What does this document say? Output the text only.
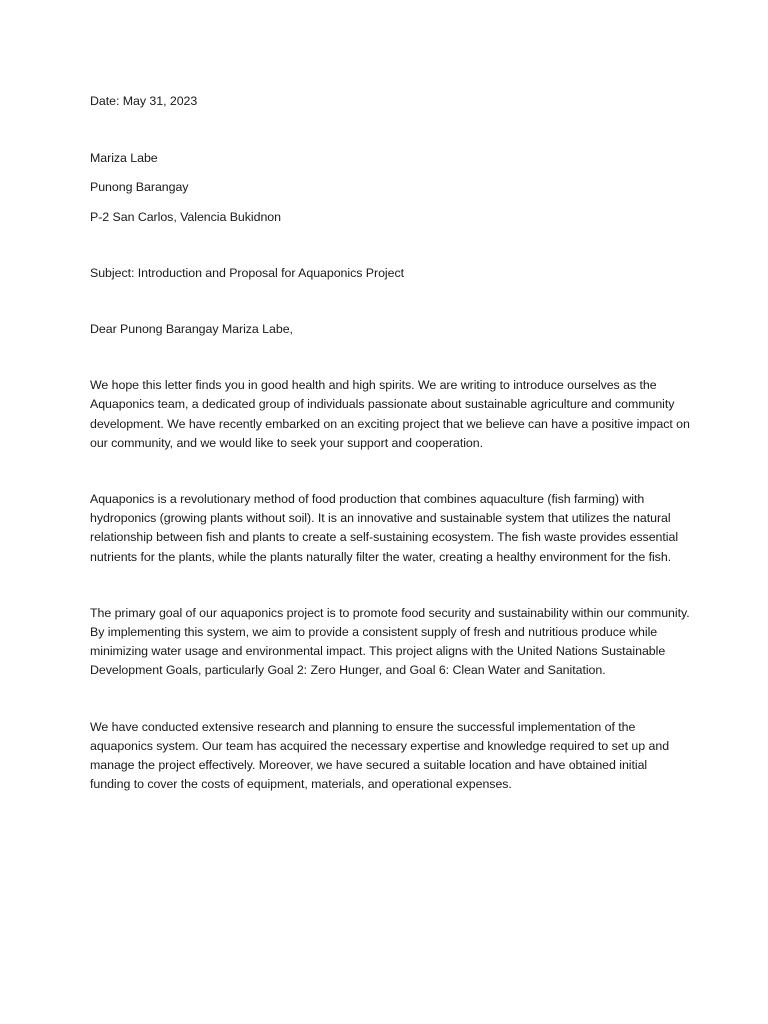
Date: May 31, 2023

Mariza Labe

Punong Barangay

P-2 San Carlos, Valencia Bukidnon

Subject: Introduction and Proposal for Aquaponics Project

Dear Punong Barangay Mariza Labe,

We hope this letter finds you in good health and high spirits. We are writing to introduce ourselves as the Aquaponics team, a dedicated group of individuals passionate about sustainable agriculture and community development. We have recently embarked on an exciting project that we believe can have a positive impact on our community, and we would like to seek your support and cooperation.

Aquaponics is a revolutionary method of food production that combines aquaculture (fish farming) with hydroponics (growing plants without soil). It is an innovative and sustainable system that utilizes the natural relationship between fish and plants to create a self-sustaining ecosystem. The fish waste provides essential nutrients for the plants, while the plants naturally filter the water, creating a healthy environment for the fish.

The primary goal of our aquaponics project is to promote food security and sustainability within our community. By implementing this system, we aim to provide a consistent supply of fresh and nutritious produce while minimizing water usage and environmental impact. This project aligns with the United Nations Sustainable Development Goals, particularly Goal 2: Zero Hunger, and Goal 6: Clean Water and Sanitation.

We have conducted extensive research and planning to ensure the successful implementation of the aquaponics system. Our team has acquired the necessary expertise and knowledge required to set up and manage the project effectively. Moreover, we have secured a suitable location and have obtained initial funding to cover the costs of equipment, materials, and operational expenses.
